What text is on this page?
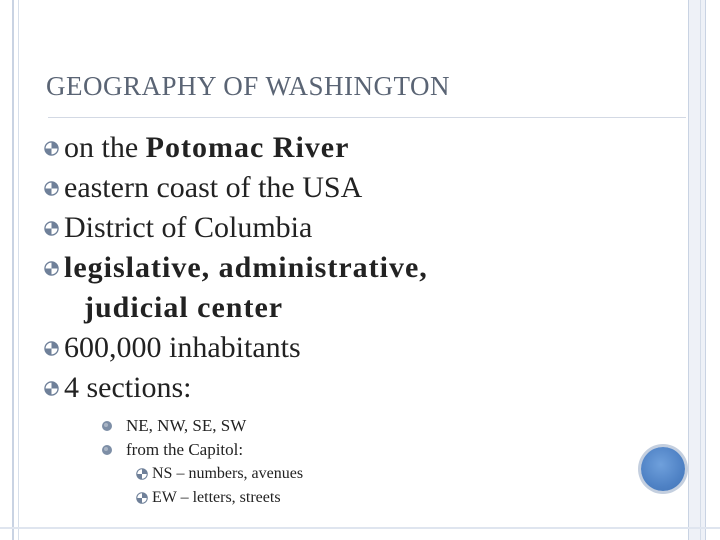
GEOGRAPHY OF WASHINGTON
on the Potomac River
eastern coast of the USA
District of Columbia
legislative, administrative,
judicial center
600,000 inhabitants
4 sections:
NE, NW, SE, SW
from the Capitol:
NS – numbers, avenues
EW – letters, streets
